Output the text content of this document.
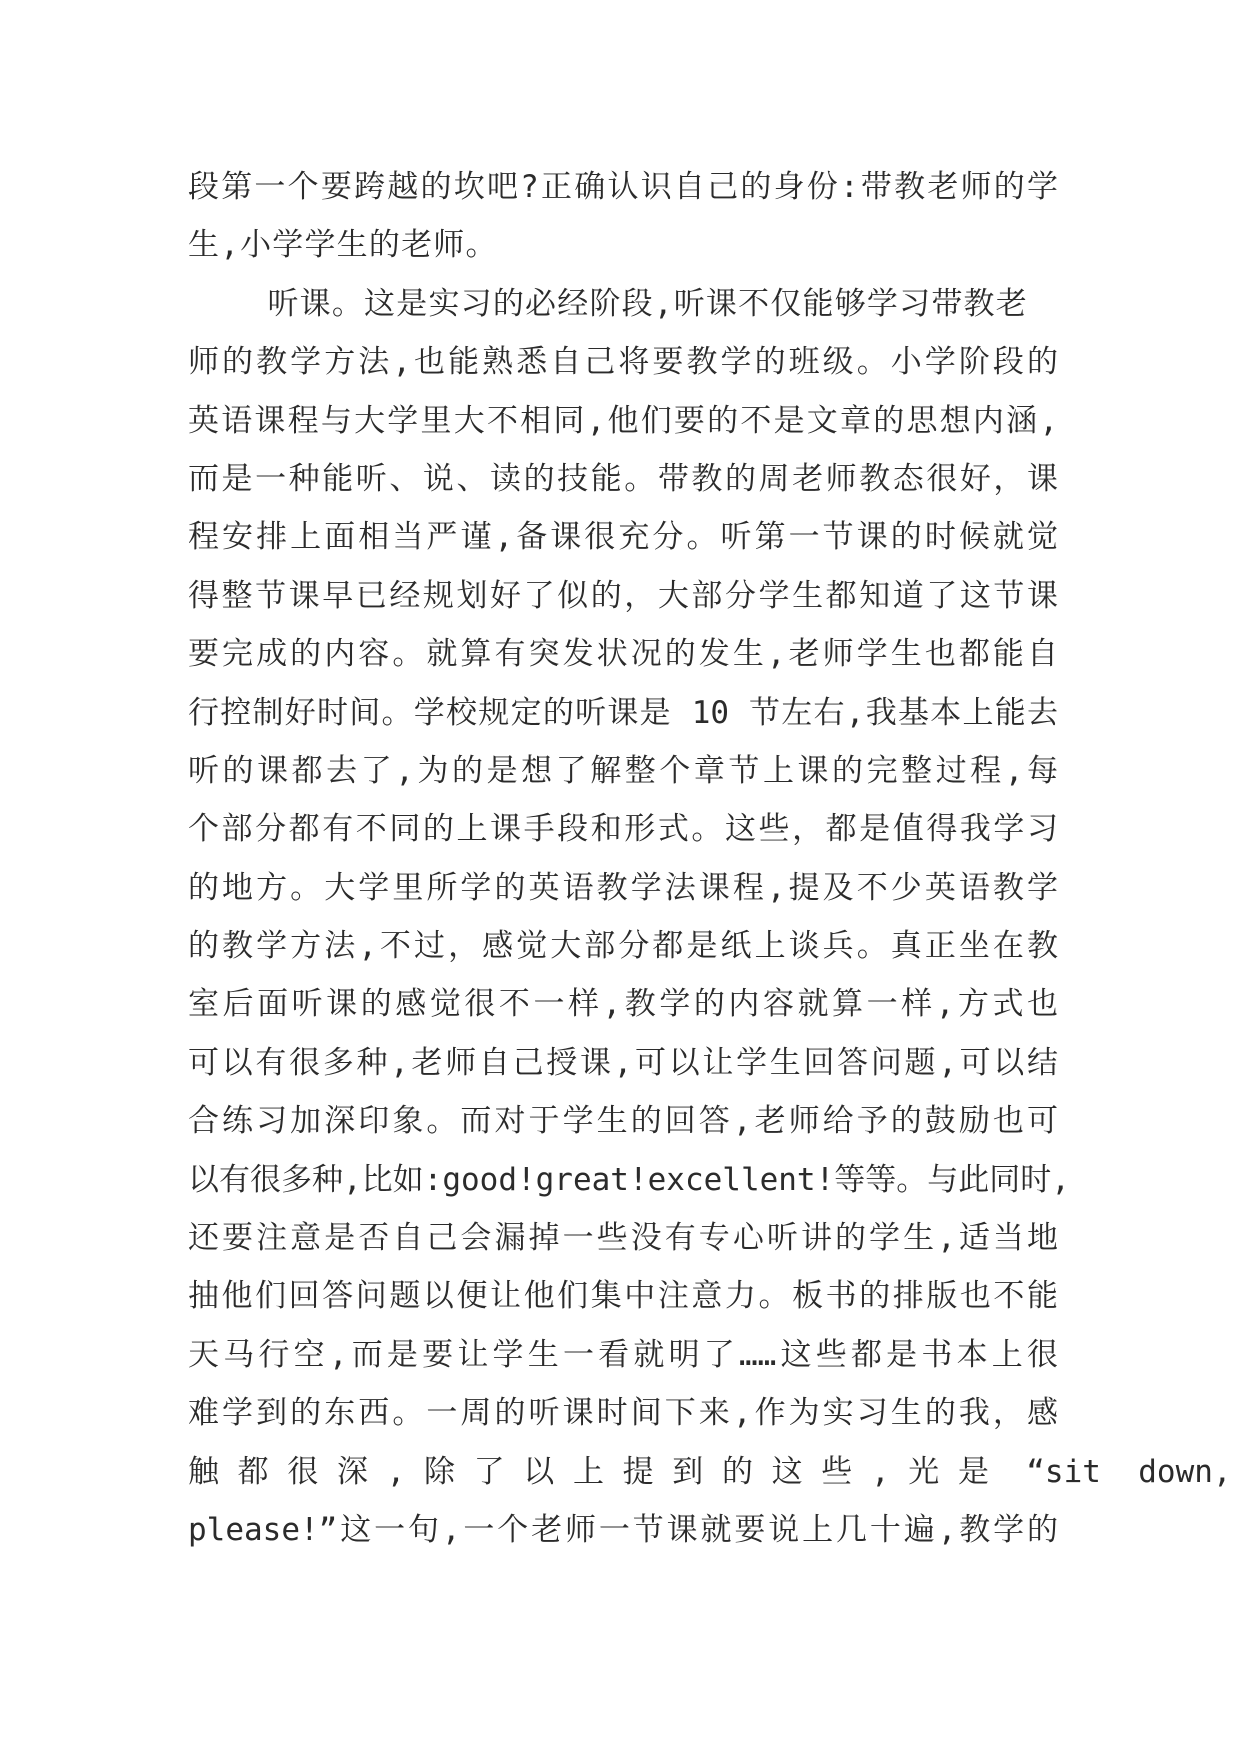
段第一个要跨越的坎吧?正确认识自己的身份:带教老师的学
生,小学学生的老师。
听课。这是实习的必经阶段,听课不仅能够学习带教老
师的教学方法,也能熟悉自己将要教学的班级。小学阶段的
英语课程与大学里大不相同,他们要的不是文章的思想内涵,
而是一种能听、说、读的技能。带教的周老师教态很好，课
程安排上面相当严谨,备课很充分。听第一节课的时候就觉
得整节课早已经规划好了似的，大部分学生都知道了这节课
要完成的内容。就算有突发状况的发生,老师学生也都能自
行控制好时间。学校规定的听课是 10 节左右,我基本上能去
听的课都去了,为的是想了解整个章节上课的完整过程,每
个部分都有不同的上课手段和形式。这些，都是值得我学习
的地方。大学里所学的英语教学法课程,提及不少英语教学
的教学方法,不过，感觉大部分都是纸上谈兵。真正坐在教
室后面听课的感觉很不一样,教学的内容就算一样,方式也
可以有很多种,老师自己授课,可以让学生回答问题,可以结
合练习加深印象。而对于学生的回答,老师给予的鼓励也可
以有很多种,比如:good!great!excellent!等等。与此同时,
还要注意是否自己会漏掉一些没有专心听讲的学生,适当地
抽他们回答问题以便让他们集中注意力。板书的排版也不能
天马行空,而是要让学生一看就明了……这些都是书本上很
难学到的东西。一周的听课时间下来,作为实习生的我，感
触 都 很 深 , 除 了 以 上 提 到 的 这 些 , 光 是  “sit  down,
please!”这一句,一个老师一节课就要说上几十遍,教学的
